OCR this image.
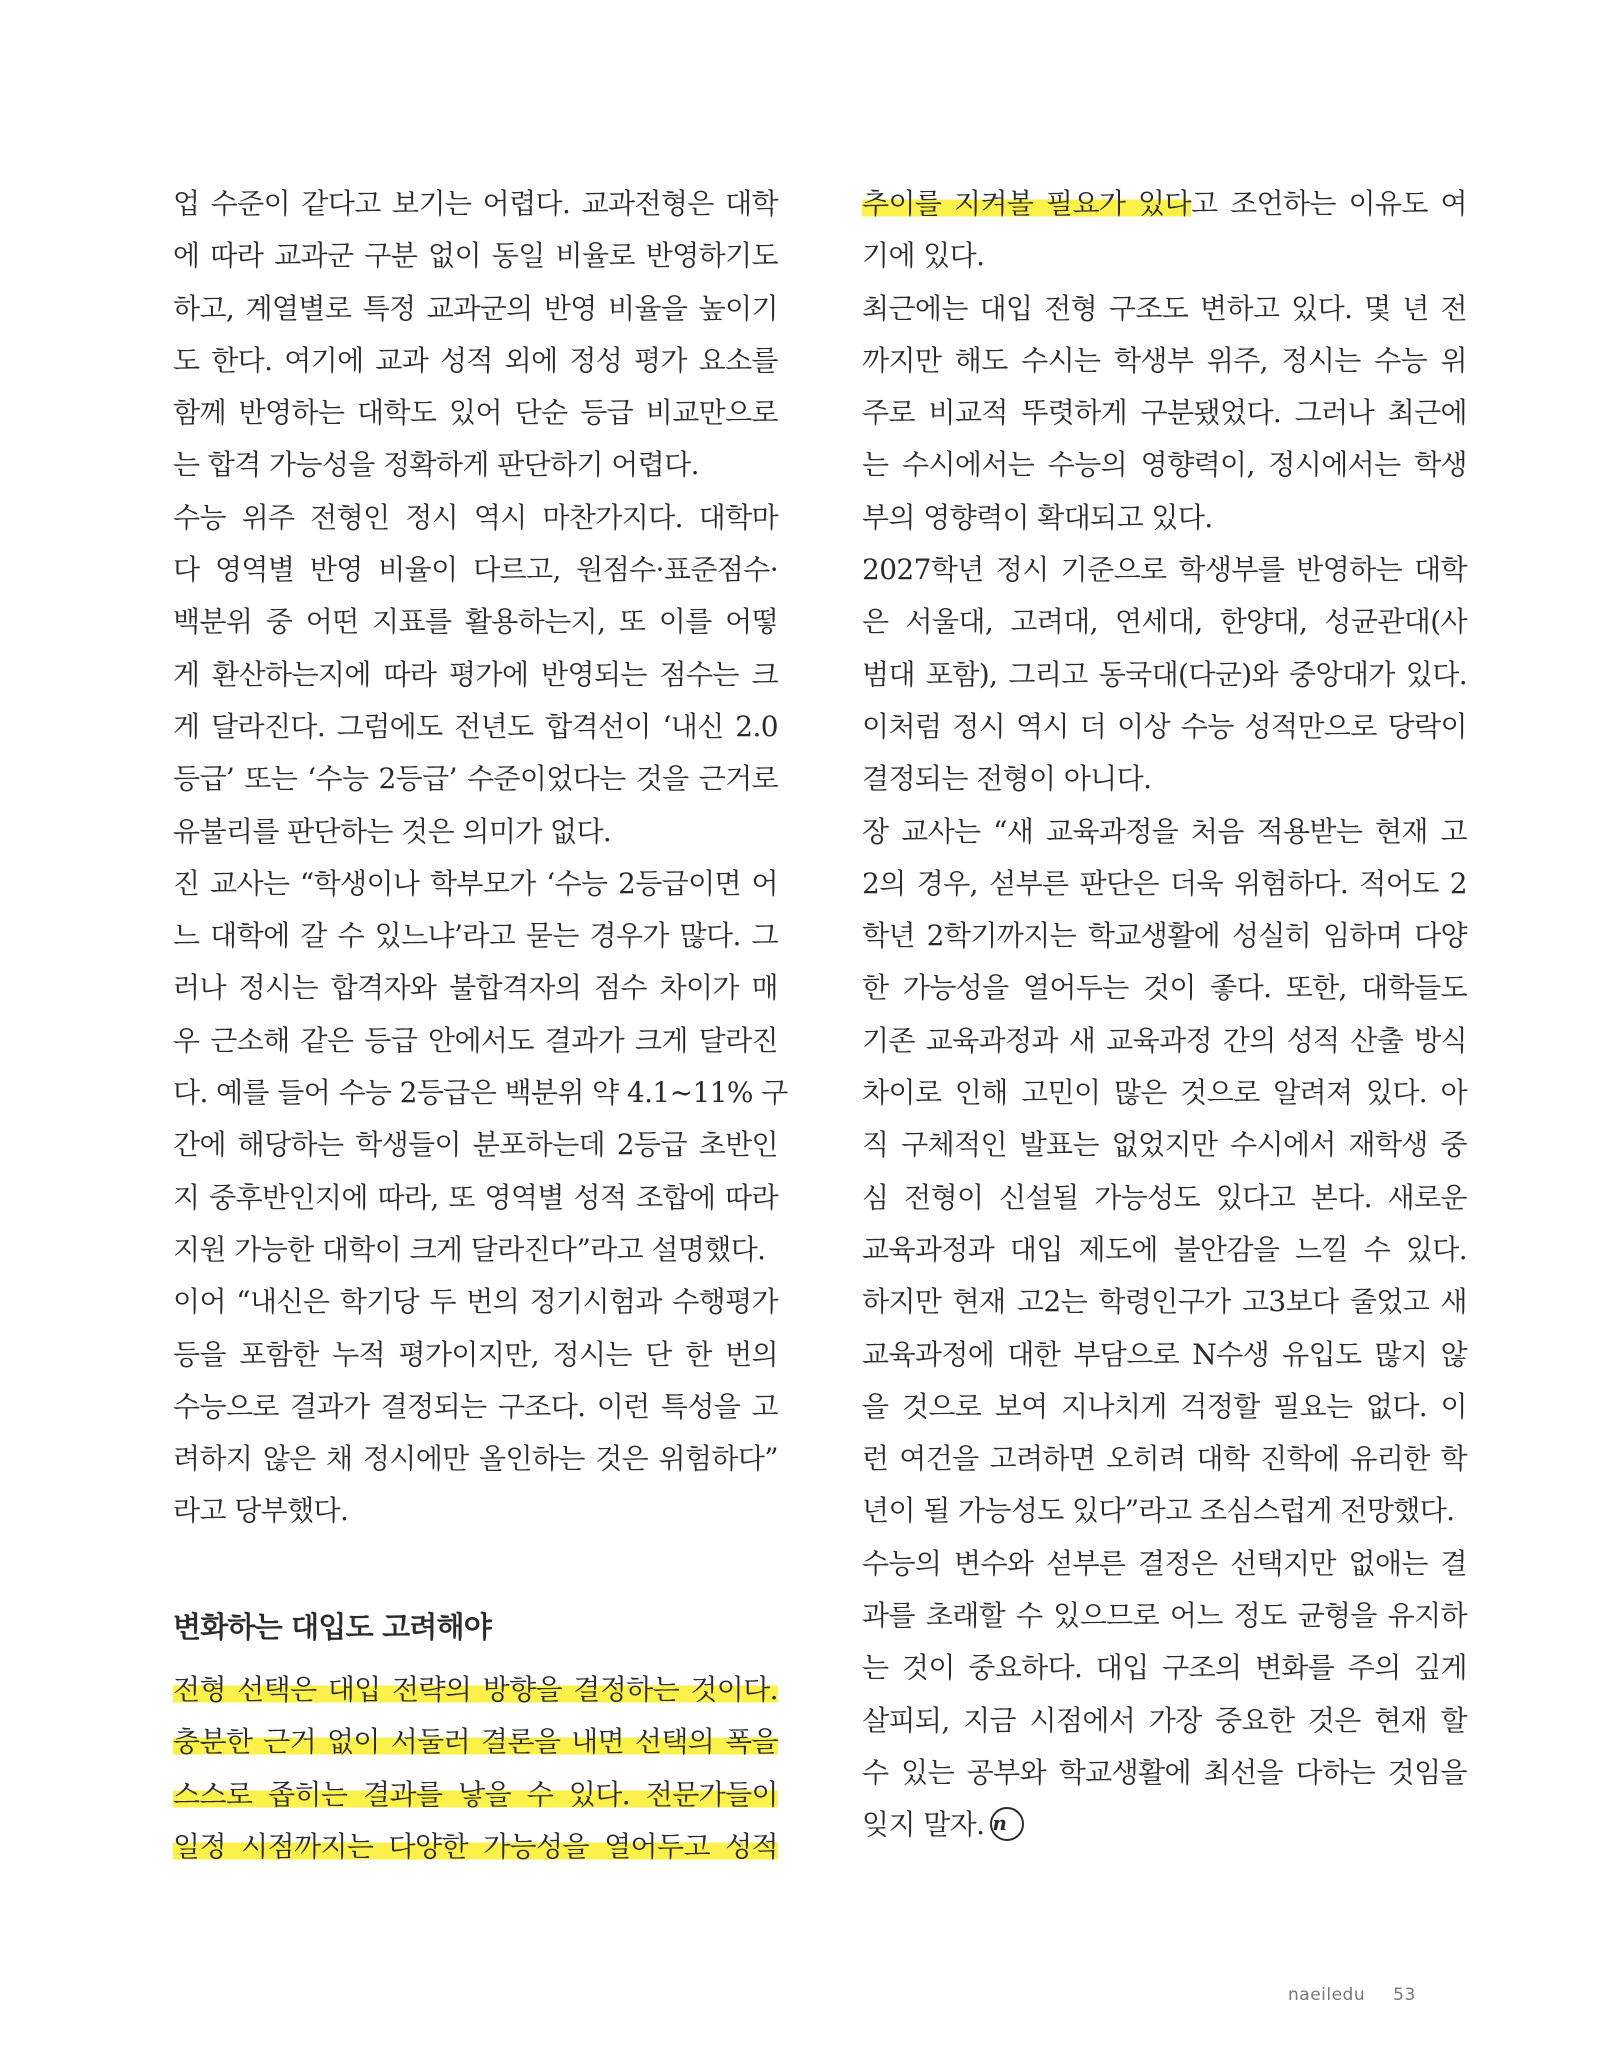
업 수준이 같다고 보기는 어렵다. 교과전형은 대학
에 따라 교과군 구분 없이 동일 비율로 반영하기도
하고, 계열별로 특정 교과군의 반영 비율을 높이기
도 한다. 여기에 교과 성적 외에 정성 평가 요소를
함께 반영하는 대학도 있어 단순 등급 비교만으로
는 합격 가능성을 정확하게 판단하기 어렵다.
수능 위주 전형인 정시 역시 마찬가지다. 대학마
다 영역별 반영 비율이 다르고, 원점수·표준점수·
백분위 중 어떤 지표를 활용하는지, 또 이를 어떻
게 환산하는지에 따라 평가에 반영되는 점수는 크
게 달라진다. 그럼에도 전년도 합격선이 ‘내신 2.0
등급’ 또는 ‘수능 2등급’ 수준이었다는 것을 근거로
유불리를 판단하는 것은 의미가 없다.
진 교사는 “학생이나 학부모가 ‘수능 2등급이면 어
느 대학에 갈 수 있느냐’라고 묻는 경우가 많다. 그
러나 정시는 합격자와 불합격자의 점수 차이가 매
우 근소해 같은 등급 안에서도 결과가 크게 달라진
다. 예를 들어 수능 2등급은 백분위 약 4.1~11% 구
간에 해당하는 학생들이 분포하는데 2등급 초반인
지 중후반인지에 따라, 또 영역별 성적 조합에 따라
지원 가능한 대학이 크게 달라진다”라고 설명했다.
이어 “내신은 학기당 두 번의 정기시험과 수행평가
등을 포함한 누적 평가이지만, 정시는 단 한 번의
수능으로 결과가 결정되는 구조다. 이런 특성을 고
려하지 않은 채 정시에만 올인하는 것은 위험하다”
라고 당부했다.
변화하는 대입도 고려해야
전형 선택은 대입 전략의 방향을 결정하는 것이다.
충분한 근거 없이 서둘러 결론을 내면 선택의 폭을
스스로 좁히는 결과를 낳을 수 있다. 전문가들이
일정 시점까지는 다양한 가능성을 열어두고 성적
추이를 지켜볼 필요가 있다고 조언하는 이유도 여
기에 있다.
최근에는 대입 전형 구조도 변하고 있다. 몇 년 전
까지만 해도 수시는 학생부 위주, 정시는 수능 위
주로 비교적 뚜렷하게 구분됐었다. 그러나 최근에
는 수시에서는 수능의 영향력이, 정시에서는 학생
부의 영향력이 확대되고 있다.
2027학년 정시 기준으로 학생부를 반영하는 대학
은 서울대, 고려대, 연세대, 한양대, 성균관대(사
범대 포함), 그리고 동국대(다군)와 중앙대가 있다.
이처럼 정시 역시 더 이상 수능 성적만으로 당락이
결정되는 전형이 아니다.
장 교사는 “새 교육과정을 처음 적용받는 현재 고
2의 경우, 섣부른 판단은 더욱 위험하다. 적어도 2
학년 2학기까지는 학교생활에 성실히 임하며 다양
한 가능성을 열어두는 것이 좋다. 또한, 대학들도
기존 교육과정과 새 교육과정 간의 성적 산출 방식
차이로 인해 고민이 많은 것으로 알려져 있다. 아
직 구체적인 발표는 없었지만 수시에서 재학생 중
심 전형이 신설될 가능성도 있다고 본다. 새로운
교육과정과 대입 제도에 불안감을 느낄 수 있다.
하지만 현재 고2는 학령인구가 고3보다 줄었고 새
교육과정에 대한 부담으로 N수생 유입도 많지 않
을 것으로 보여 지나치게 걱정할 필요는 없다. 이
런 여건을 고려하면 오히려 대학 진학에 유리한 학
년이 될 가능성도 있다”라고 조심스럽게 전망했다.
수능의 변수와 섣부른 결정은 선택지만 없애는 결
과를 초래할 수 있으므로 어느 정도 균형을 유지하
는 것이 중요하다. 대입 구조의 변화를 주의 깊게
살피되, 지금 시점에서 가장 중요한 것은 현재 할
수 있는 공부와 학교생활에 최선을 다하는 것임을
잊지 말자. n
naeiledu 53
